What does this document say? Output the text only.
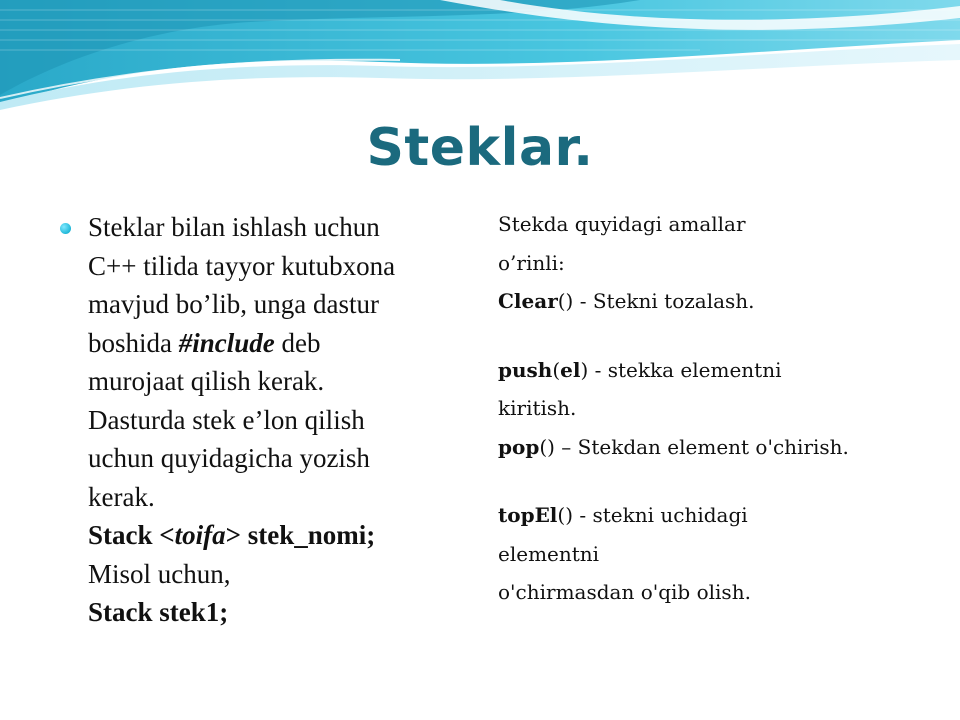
Steklar.
Steklar bilan ishlash uchun
C++ tilida tayyor kutubxona
mavjud bo’lib, unga dastur
boshida #include deb
murojaat qilish kerak.
Dasturda stek e’lon qilish
uchun quyidagicha yozish
kerak.
Stack <toifa> stek_nomi;
Misol uchun,
Stack stek1;

Stekda quyidagi amallar

o’rinli:

Clear() - Stekni tozalash.

push(el) - stekka elementni

kiritish.

pop() – Stekdan element o'chirish.

topEl() - stekni uchidagi

elementni

o'chirmasdan o'qib olish.
